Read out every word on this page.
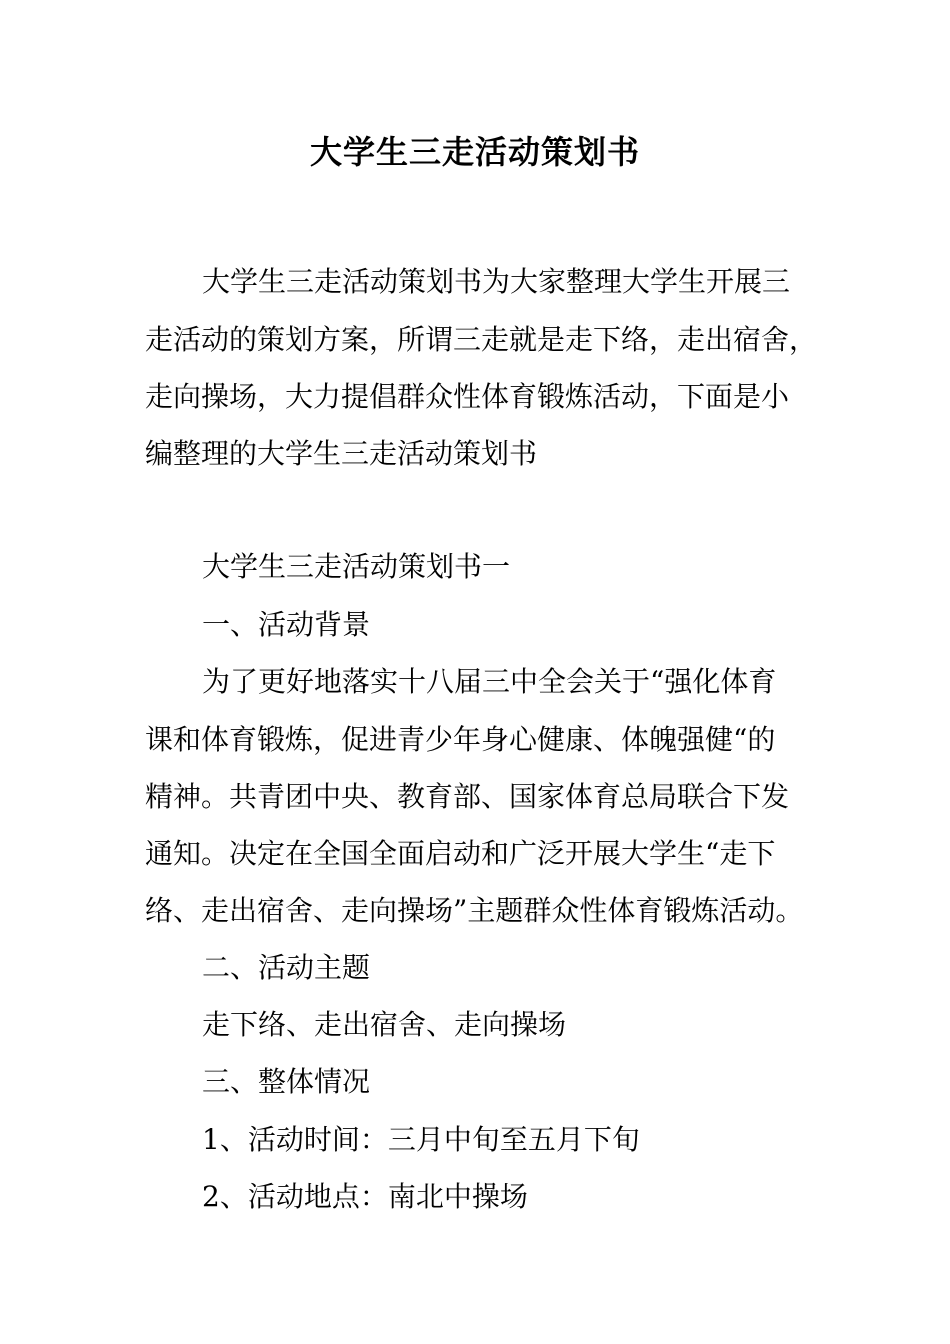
大学生三走活动策划书
大学生三走活动策划书为大家整理大学生开展三
走活动的策划方案，所谓三走就是走下络，走出宿舍，
走向操场，大力提倡群众性体育锻炼活动，下面是小
编整理的大学生三走活动策划书
大学生三走活动策划书一
一、活动背景
为了更好地落实十八届三中全会关于“强化体育
课和体育锻炼，促进青少年身心健康、体魄强健“的
精神。共青团中央、教育部、国家体育总局联合下发
通知。决定在全国全面启动和广泛开展大学生“走下
络、走出宿舍、走向操场”主题群众性体育锻炼活动。
二、活动主题
走下络、走出宿舍、走向操场
三、整体情况
1、活动时间：三月中旬至五月下旬
2、活动地点：南北中操场
